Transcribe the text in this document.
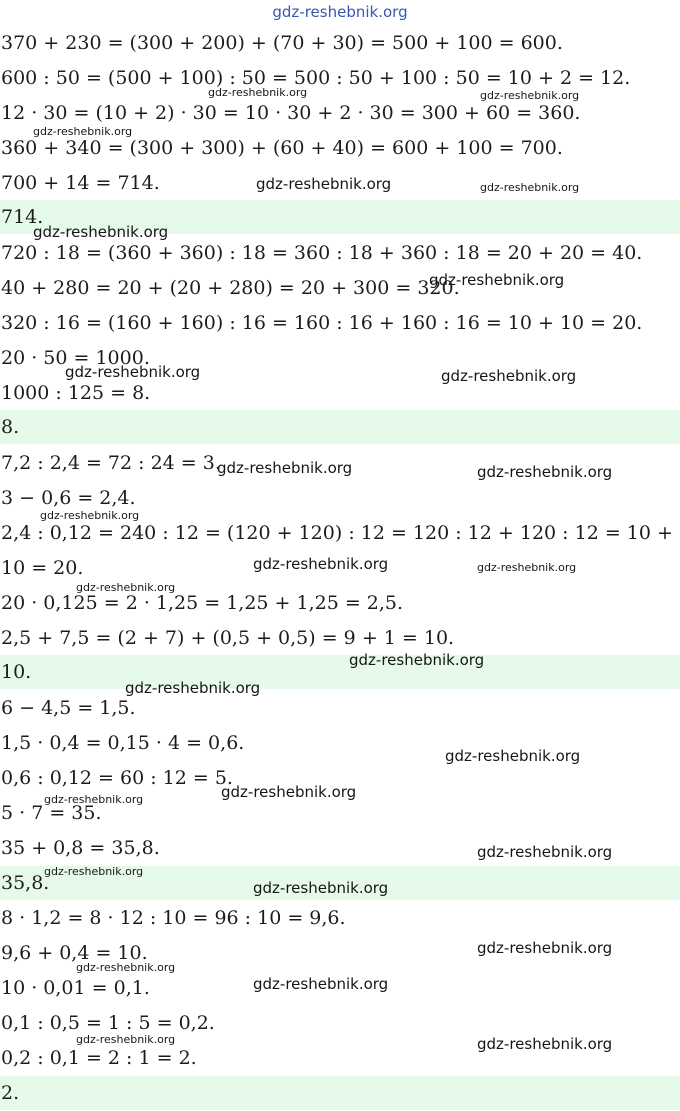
gdz-reshebnik.org
370 + 230 = (300 + 200) + (70 + 30) = 500 + 100 = 600.
600 : 50 = (500 + 100) : 50 = 500 : 50 + 100 : 50 = 10 + 2 = 12.
12 · 30 = (10 + 2) · 30 = 10 · 30 + 2 · 30 = 300 + 60 = 360.
360 + 340 = (300 + 300) + (60 + 40) = 600 + 100 = 700.
700 + 14 = 714.
714.
720 : 18 = (360 + 360) : 18 = 360 : 18 + 360 : 18 = 20 + 20 = 40.
40 + 280 = 20 + (20 + 280) = 20 + 300 = 320.
320 : 16 = (160 + 160) : 16 = 160 : 16 + 160 : 16 = 10 + 10 = 20.
20 · 50 = 1000.
1000 : 125 = 8.
8.
7,2 : 2,4 = 72 : 24 = 3.
3 − 0,6 = 2,4.
2,4 : 0,12 = 240 : 12 = (120 + 120) : 12 = 120 : 12 + 120 : 12 = 10 +
10 = 20.
20 · 0,125 = 2 · 1,25 = 1,25 + 1,25 = 2,5.
2,5 + 7,5 = (2 + 7) + (0,5 + 0,5) = 9 + 1 = 10.
10.
6 − 4,5 = 1,5.
1,5 · 0,4 = 0,15 · 4 = 0,6.
0,6 : 0,12 = 60 : 12 = 5.
5 · 7 = 35.
35 + 0,8 = 35,8.
35,8.
8 · 1,2 = 8 · 12 : 10 = 96 : 10 = 9,6.
9,6 + 0,4 = 10.
10 · 0,01 = 0,1.
0,1 : 0,5 = 1 : 5 = 0,2.
0,2 : 0,1 = 2 : 1 = 2.
2.
gdz-reshebnik.org	gdz-reshebnik.org
gdz-reshebnik.org
gdz-reshebnik.org	gdz-reshebnik.org
gdz-reshebnik.org
gdz-reshebnik.org
gdz-reshebnik.org	gdz-reshebnik.org
gdz-reshebnik.org	gdz-reshebnik.org
gdz-reshebnik.org
gdz-reshebnik.org	gdz-reshebnik.org
gdz-reshebnik.org
gdz-reshebnik.org
gdz-reshebnik.org
gdz-reshebnik.org
gdz-reshebnik.org
gdz-reshebnik.org
gdz-reshebnik.org
gdz-reshebnik.org
gdz-reshebnik.org
gdz-reshebnik.org
gdz-reshebnik.org
gdz-reshebnik.org
gdz-reshebnik.org	gdz-reshebnik.org
